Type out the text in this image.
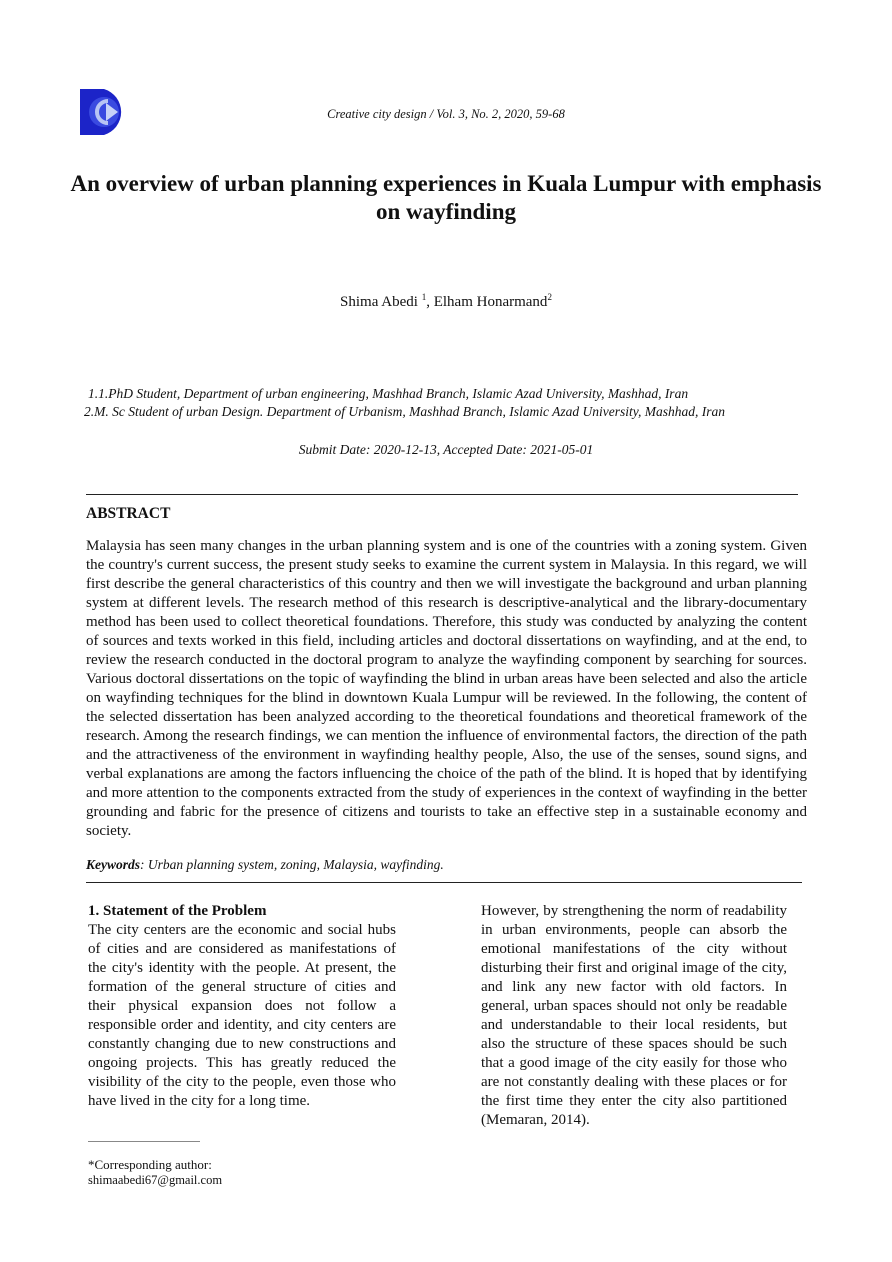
Creative city design / Vol. 3, No. 2, 2020, 59-68
An overview of urban planning experiences in Kuala Lumpur with emphasis on wayfinding
Shima Abedi $^1$, Elham Honarmand$^2$
1.1.PhD Student, Department of urban engineering, Mashhad Branch, Islamic Azad University, Mashhad, Iran
2.M. Sc Student of urban Design. Department of Urbanism, Mashhad Branch, Islamic Azad University, Mashhad, Iran
Submit Date: 2020-12-13, Accepted Date: 2021-05-01
ABSTRACT
Malaysia has seen many changes in the urban planning system and is one of the countries with a zoning system. Given the country's current success, the present study seeks to examine the current system in Malaysia. In this regard, we will first describe the general characteristics of this country and then we will investigate the background and urban planning system at different levels. The research method of this research is descriptive-analytical and the library-documentary method has been used to collect theoretical foundations. Therefore, this study was conducted by analyzing the content of sources and texts worked in this field, including articles and doctoral dissertations on wayfinding, and at the end, to review the research conducted in the doctoral program to analyze the wayfinding component by searching for sources. Various doctoral dissertations on the topic of wayfinding the blind in urban areas have been selected and also the article on wayfinding techniques for the blind in downtown Kuala Lumpur will be reviewed. In the following, the content of the selected dissertation has been analyzed according to the theoretical foundations and theoretical framework of the research. Among the research findings, we can mention the influence of environmental factors, the direction of the path and the attractiveness of the environment in wayfinding healthy people, Also, the use of the senses, sound signs, and verbal explanations are among the factors influencing the choice of the path of the blind. It is hoped that by identifying and more attention to the components extracted from the study of experiences in the context of wayfinding in the better grounding and fabric for the presence of citizens and tourists to take an effective step in a sustainable economy and society.
Keywords: Urban planning system, zoning, Malaysia, wayfinding.
1. Statement of the Problem
The city centers are the economic and social hubs of cities and are considered as manifestations of the city's identity with the people. At present, the formation of the general structure of cities and their physical expansion does not follow a responsible order and identity, and city centers are constantly changing due to new constructions and ongoing projects. This has greatly reduced the visibility of the city to the people, even those who have lived in the city for a long time.
However, by strengthening the norm of readability in urban environments, people can absorb the emotional manifestations of the city without disturbing their first and original image of the city, and link any new factor with old factors. In general, urban spaces should not only be readable and understandable to their local residents, but also the structure of these spaces should be such that a good image of the city easily for those who are not constantly dealing with these places or for the first time they enter the city also partitioned (Memaran, 2014).
*Corresponding author:
shimaabedi67@gmail.com
